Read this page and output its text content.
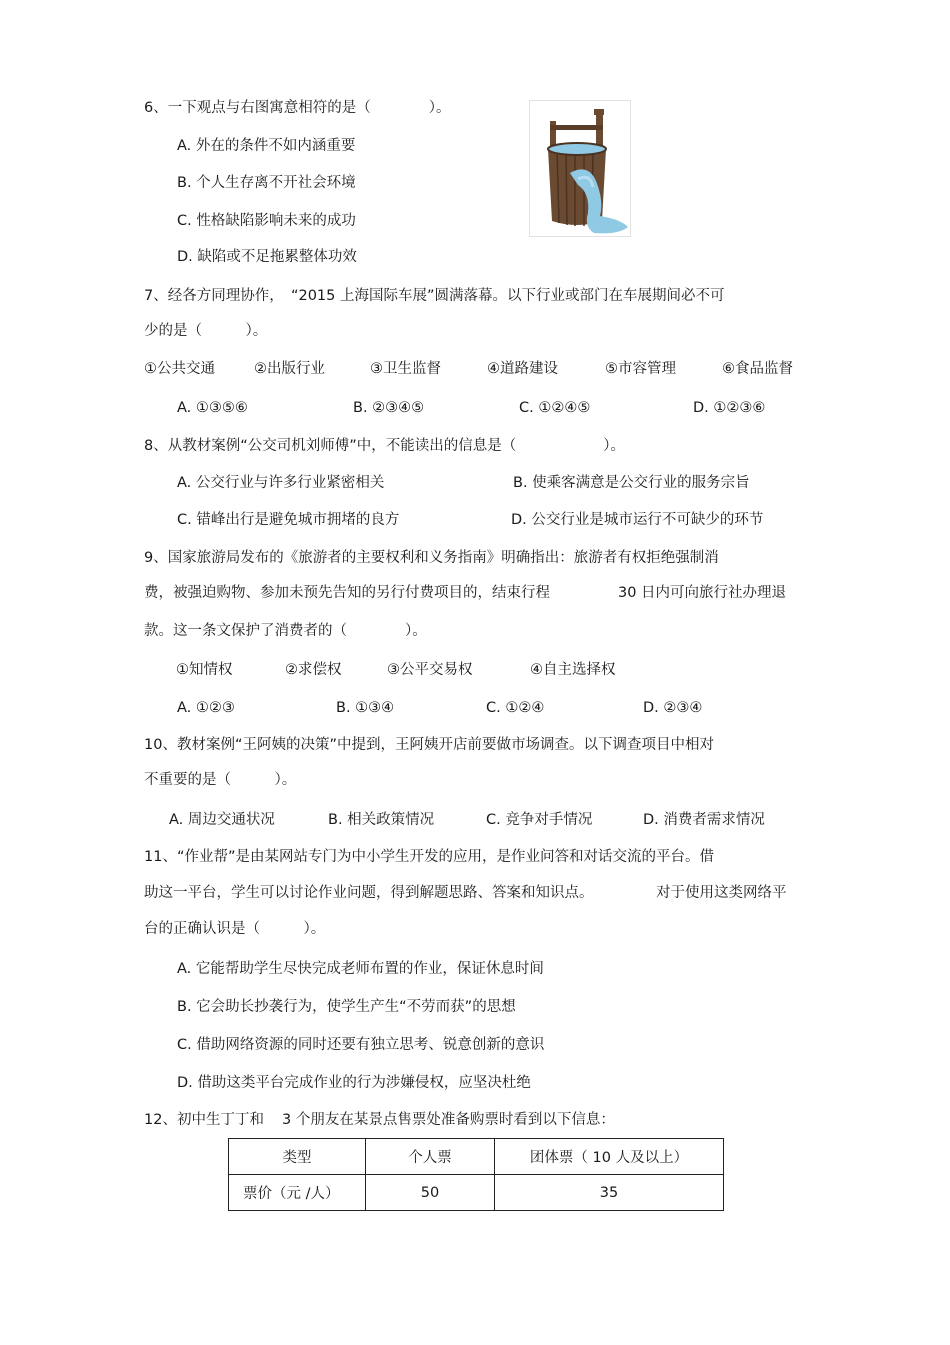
6、一下观点与右图寓意相符的是（　　　　）。
A. 外在的条件不如内涵重要
B. 个人生存离不开社会环境
C. 性格缺陷影响未来的成功
D. 缺陷或不足拖累整体功效
7、经各方同理协作，　“2015 上海国际车展”圆满落幕。以下行业或部门在车展期间必不可
少的是（　　　）。
①公共交通	②出版行业	③卫生监督	④道路建设	⑤市容管理	⑥食品监督
A. ①③⑤⑥	B. ②③④⑤	C. ①②④⑤	D. ①②③⑥
8、从教材案例“公交司机刘师傅”中，不能读出的信息是（　　　　　　）。
A. 公交行业与许多行业紧密相关	B. 使乘客满意是公交行业的服务宗旨
C. 错峰出行是避免城市拥堵的良方	D. 公交行业是城市运行不可缺少的环节
9、国家旅游局发布的《旅游者的主要权利和义务指南》明确指出：旅游者有权拒绝强制消
费，被强迫购物、参加未预先告知的另行付费项目的，结束行程	30 日内可向旅行社办理退
款。这一条文保护了消费者的（　　　　）。
①知情权	②求偿权	③公平交易权	④自主选择权
A. ①②③	B. ①③④	C. ①②④	D. ②③④
10、教材案例“王阿姨的决策”中提到，王阿姨开店前要做市场调查。以下调查项目中相对
不重要的是（　　　）。
A. 周边交通状况	B. 相关政策情况	C. 竞争对手情况	D. 消费者需求情况
11、“作业帮”是由某网站专门为中小学生开发的应用，是作业问答和对话交流的平台。借
助这一平台，学生可以讨论作业问题，得到解题思路、答案和知识点。	对于使用这类网络平
台的正确认识是（　　　）。
A. 它能帮助学生尽快完成老师布置的作业，保证休息时间
B. 它会助长抄袭行为，使学生产生“不劳而获”的思想
C. 借助网络资源的同时还要有独立思考、锐意创新的意识
D. 借助这类平台完成作业的行为涉嫌侵权，应坚决杜绝
12、初中生丁丁和 3 个朋友在某景点售票处准备购票时看到以下信息：
类型	个人票	团体票（ 10 人及以上）
票价（元 /人）	50	35
